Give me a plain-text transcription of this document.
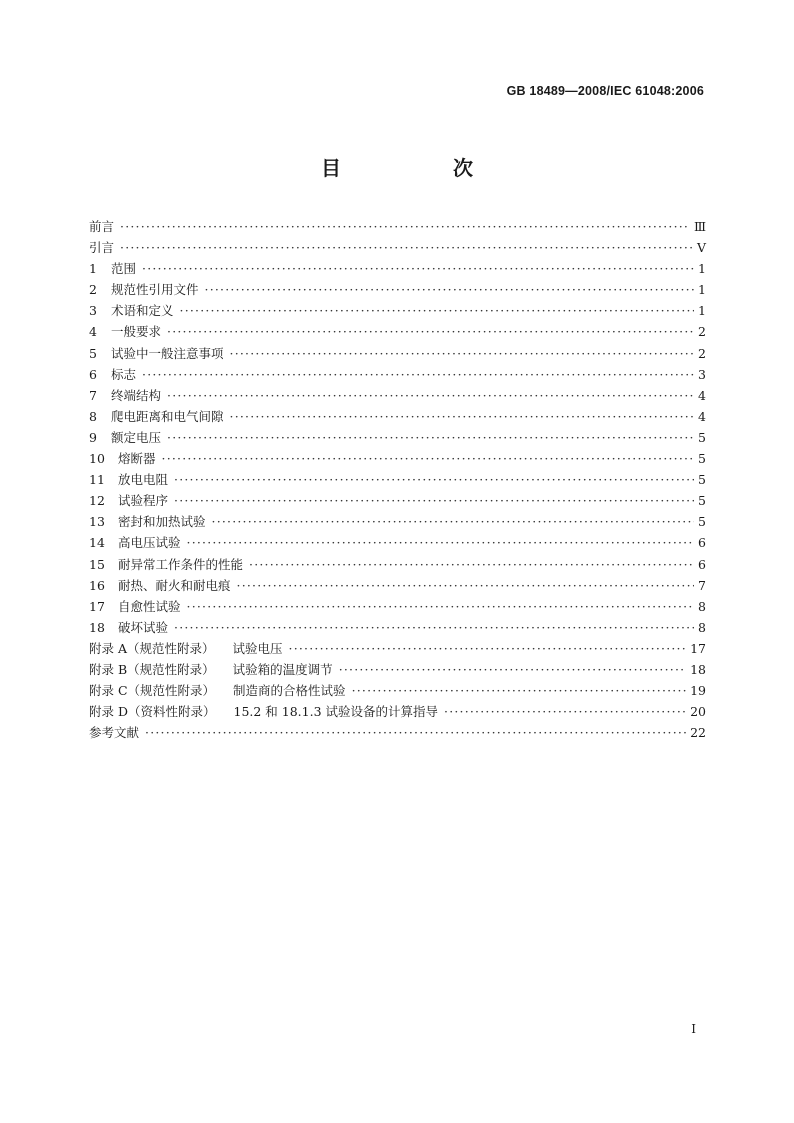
GB 18489—2008/IEC 61048:2006
目　次
前言 ·····	Ⅲ
引言 ·····	Ⅴ
1	范围 ·····	1
2	规范性引用文件 ·····	1
3	术语和定义 ·····	1
4	一般要求 ·····	2
5	试验中一般注意事项 ·····	2
6	标志 ·····	3
7	终端结构 ·····	4
8	爬电距离和电气间隙 ·····	4
9	额定电压 ·····	5
10	熔断器 ·····	5
11	放电电阻 ·····	5
12	试验程序 ·····	5
13	密封和加热试验 ·····	5
14	高电压试验 ·····	6
15	耐异常工作条件的性能 ·····	6
16	耐热、耐火和耐电痕 ·····	7
17	自愈性试验 ·····	8
18	破坏试验 ·····	8
附录 A（规范性附录） 试验电压 ·····	17
附录 B（规范性附录） 试验箱的温度调节 ·····	18
附录 C（规范性附录） 制造商的合格性试验 ·····	19
附录 D（资料性附录） 15.2 和 18.1.3 试验设备的计算指导 ·····	20
参考文献 ·····	22
Ⅰ
